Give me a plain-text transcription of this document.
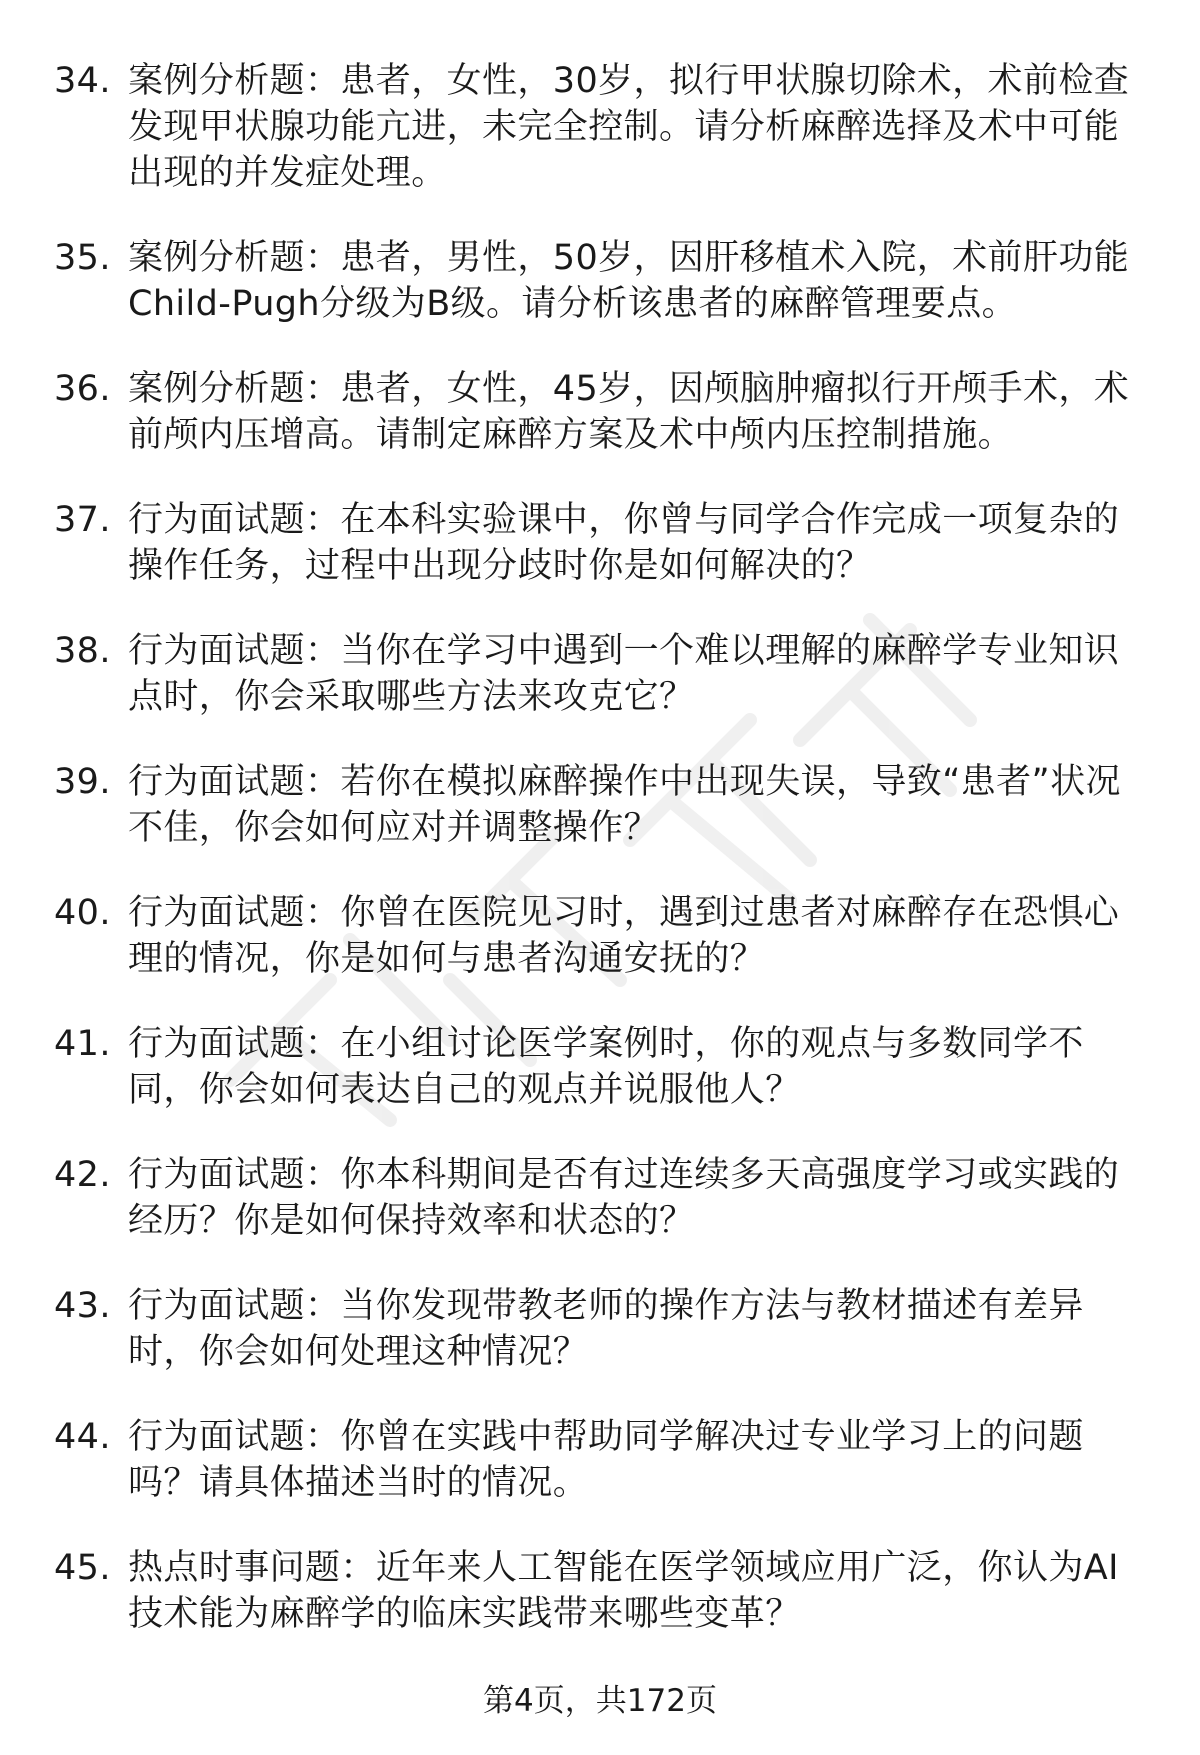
34. 案例分析题：患者，女性，30岁，拟行甲状腺切除术，术前检查发现甲状腺功能亢进，未完全控制。请分析麻醉选择及术中可能出现的并发症处理。
35. 案例分析题：患者，男性，50岁，因肝移植术入院，术前肝功能Child-Pugh分级为B级。请分析该患者的麻醉管理要点。
36. 案例分析题：患者，女性，45岁，因颅脑肿瘤拟行开颅手术，术前颅内压增高。请制定麻醉方案及术中颅内压控制措施。
37. 行为面试题：在本科实验课中，你曾与同学合作完成一项复杂的操作任务，过程中出现分歧时你是如何解决的？
38. 行为面试题：当你在学习中遇到一个难以理解的麻醉学专业知识点时，你会采取哪些方法来攻克它？
39. 行为面试题：若你在模拟麻醉操作中出现失误，导致“患者”状况不佳，你会如何应对并调整操作？
40. 行为面试题：你曾在医院见习时，遇到过患者对麻醉存在恐惧心理的情况，你是如何与患者沟通安抚的？
41. 行为面试题：在小组讨论医学案例时，你的观点与多数同学不同，你会如何表达自己的观点并说服他人？
42. 行为面试题：你本科期间是否有过连续多天高强度学习或实践的经历？你是如何保持效率和状态的？
43. 行为面试题：当你发现带教老师的操作方法与教材描述有差异时，你会如何处理这种情况？
44. 行为面试题：你曾在实践中帮助同学解决过专业学习上的问题吗？请具体描述当时的情况。
45. 热点时事问题：近年来人工智能在医学领域应用广泛，你认为AI技术能为麻醉学的临床实践带来哪些变革？
第4页，共172页
